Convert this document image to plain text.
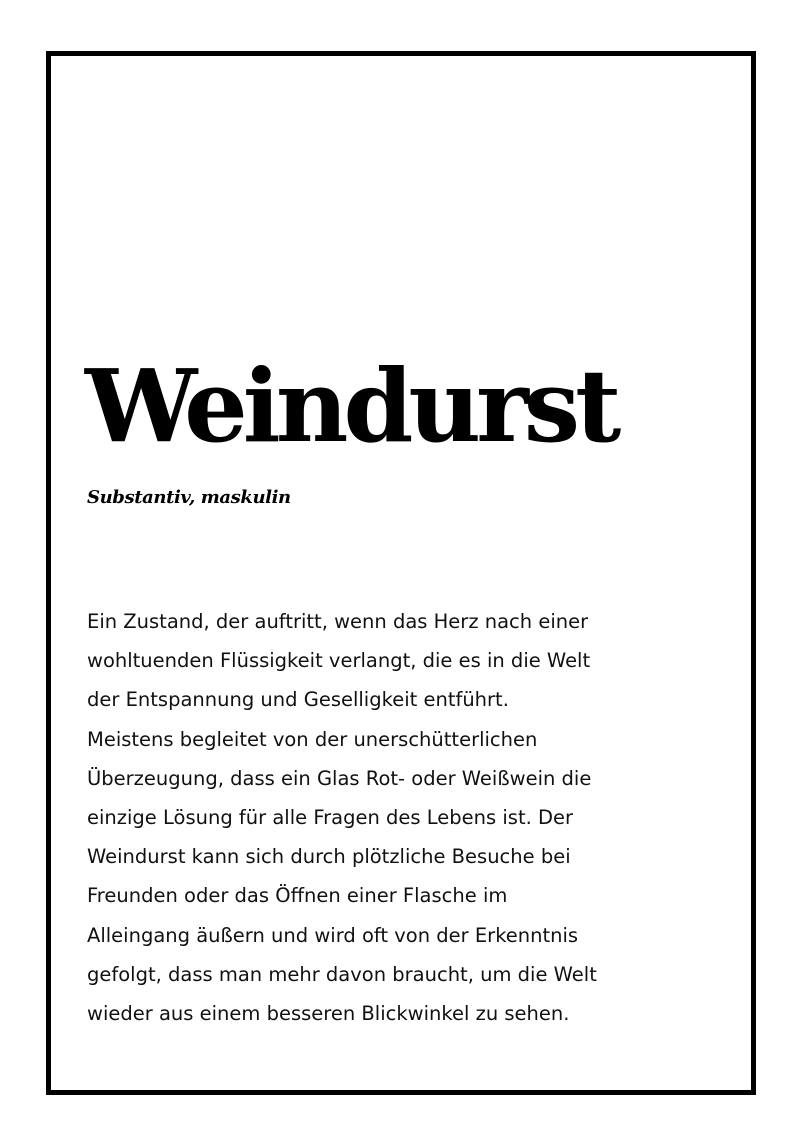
Weindurst

Substantiv, maskulin

Ein Zustand, der auftritt, wenn das Herz nach einer
wohltuenden Flüssigkeit verlangt, die es in die Welt
der Entspannung und Geselligkeit entführt.
Meistens begleitet von der unerschütterlichen
Überzeugung, dass ein Glas Rot- oder Weißwein die
einzige Lösung für alle Fragen des Lebens ist. Der
Weindurst kann sich durch plötzliche Besuche bei
Freunden oder das Öffnen einer Flasche im
Alleingang äußern und wird oft von der Erkenntnis
gefolgt, dass man mehr davon braucht, um die Welt
wieder aus einem besseren Blickwinkel zu sehen.
